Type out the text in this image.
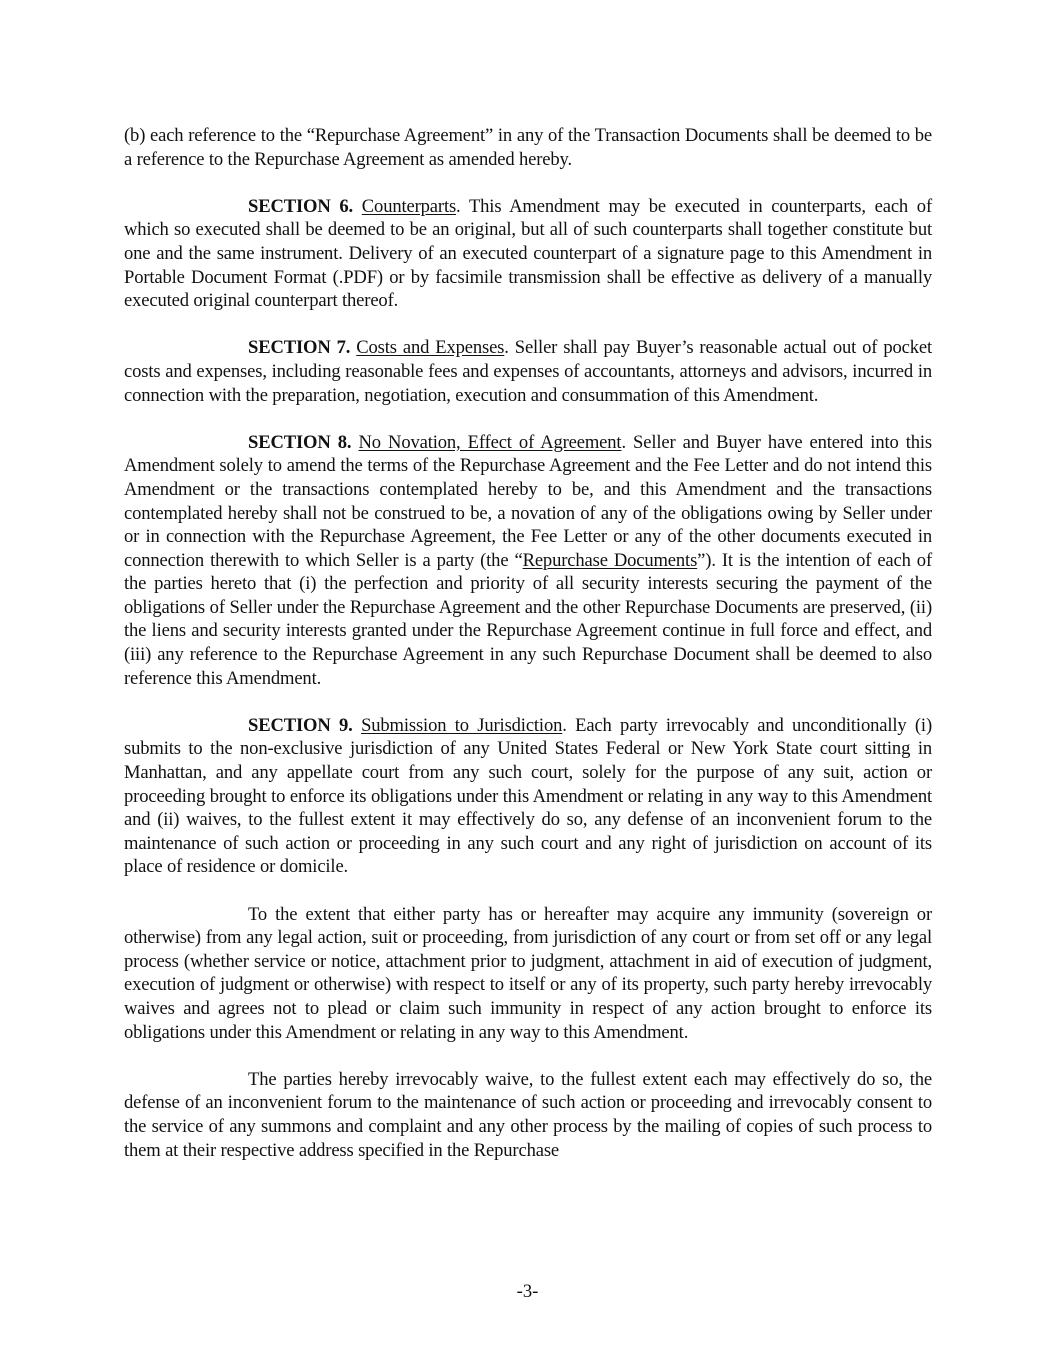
(b) each reference to the “Repurchase Agreement” in any of the Transaction Documents shall be deemed to be a reference to the Repurchase Agreement as amended hereby.

SECTION 6. Counterparts. This Amendment may be executed in counterparts, each of which so executed shall be deemed to be an original, but all of such counterparts shall together constitute but one and the same instrument. Delivery of an executed counterpart of a signature page to this Amendment in Portable Document Format (.PDF) or by facsimile transmission shall be effective as delivery of a manually executed original counterpart thereof.

SECTION 7. Costs and Expenses. Seller shall pay Buyer’s reasonable actual out of pocket costs and expenses, including reasonable fees and expenses of accountants, attorneys and advisors, incurred in connection with the preparation, negotiation, execution and consummation of this Amendment.

SECTION 8. No Novation, Effect of Agreement. Seller and Buyer have entered into this Amendment solely to amend the terms of the Repurchase Agreement and the Fee Letter and do not intend this Amendment or the transactions contemplated hereby to be, and this Amendment and the transactions contemplated hereby shall not be construed to be, a novation of any of the obligations owing by Seller under or in connection with the Repurchase Agreement, the Fee Letter or any of the other documents executed in connection therewith to which Seller is a party (the “Repurchase Documents”). It is the intention of each of the parties hereto that (i) the perfection and priority of all security interests securing the payment of the obligations of Seller under the Repurchase Agreement and the other Repurchase Documents are preserved, (ii) the liens and security interests granted under the Repurchase Agreement continue in full force and effect, and (iii) any reference to the Repurchase Agreement in any such Repurchase Document shall be deemed to also reference this Amendment.

SECTION 9. Submission to Jurisdiction. Each party irrevocably and unconditionally (i) submits to the non-exclusive jurisdiction of any United States Federal or New York State court sitting in Manhattan, and any appellate court from any such court, solely for the purpose of any suit, action or proceeding brought to enforce its obligations under this Amendment or relating in any way to this Amendment and (ii) waives, to the fullest extent it may effectively do so, any defense of an inconvenient forum to the maintenance of such action or proceeding in any such court and any right of jurisdiction on account of its place of residence or domicile.

To the extent that either party has or hereafter may acquire any immunity (sovereign or otherwise) from any legal action, suit or proceeding, from jurisdiction of any court or from set off or any legal process (whether service or notice, attachment prior to judgment, attachment in aid of execution of judgment, execution of judgment or otherwise) with respect to itself or any of its property, such party hereby irrevocably waives and agrees not to plead or claim such immunity in respect of any action brought to enforce its obligations under this Amendment or relating in any way to this Amendment.

The parties hereby irrevocably waive, to the fullest extent each may effectively do so, the defense of an inconvenient forum to the maintenance of such action or proceeding and irrevocably consent to the service of any summons and complaint and any other process by the mailing of copies of such process to them at their respective address specified in the Repurchase

-3-
